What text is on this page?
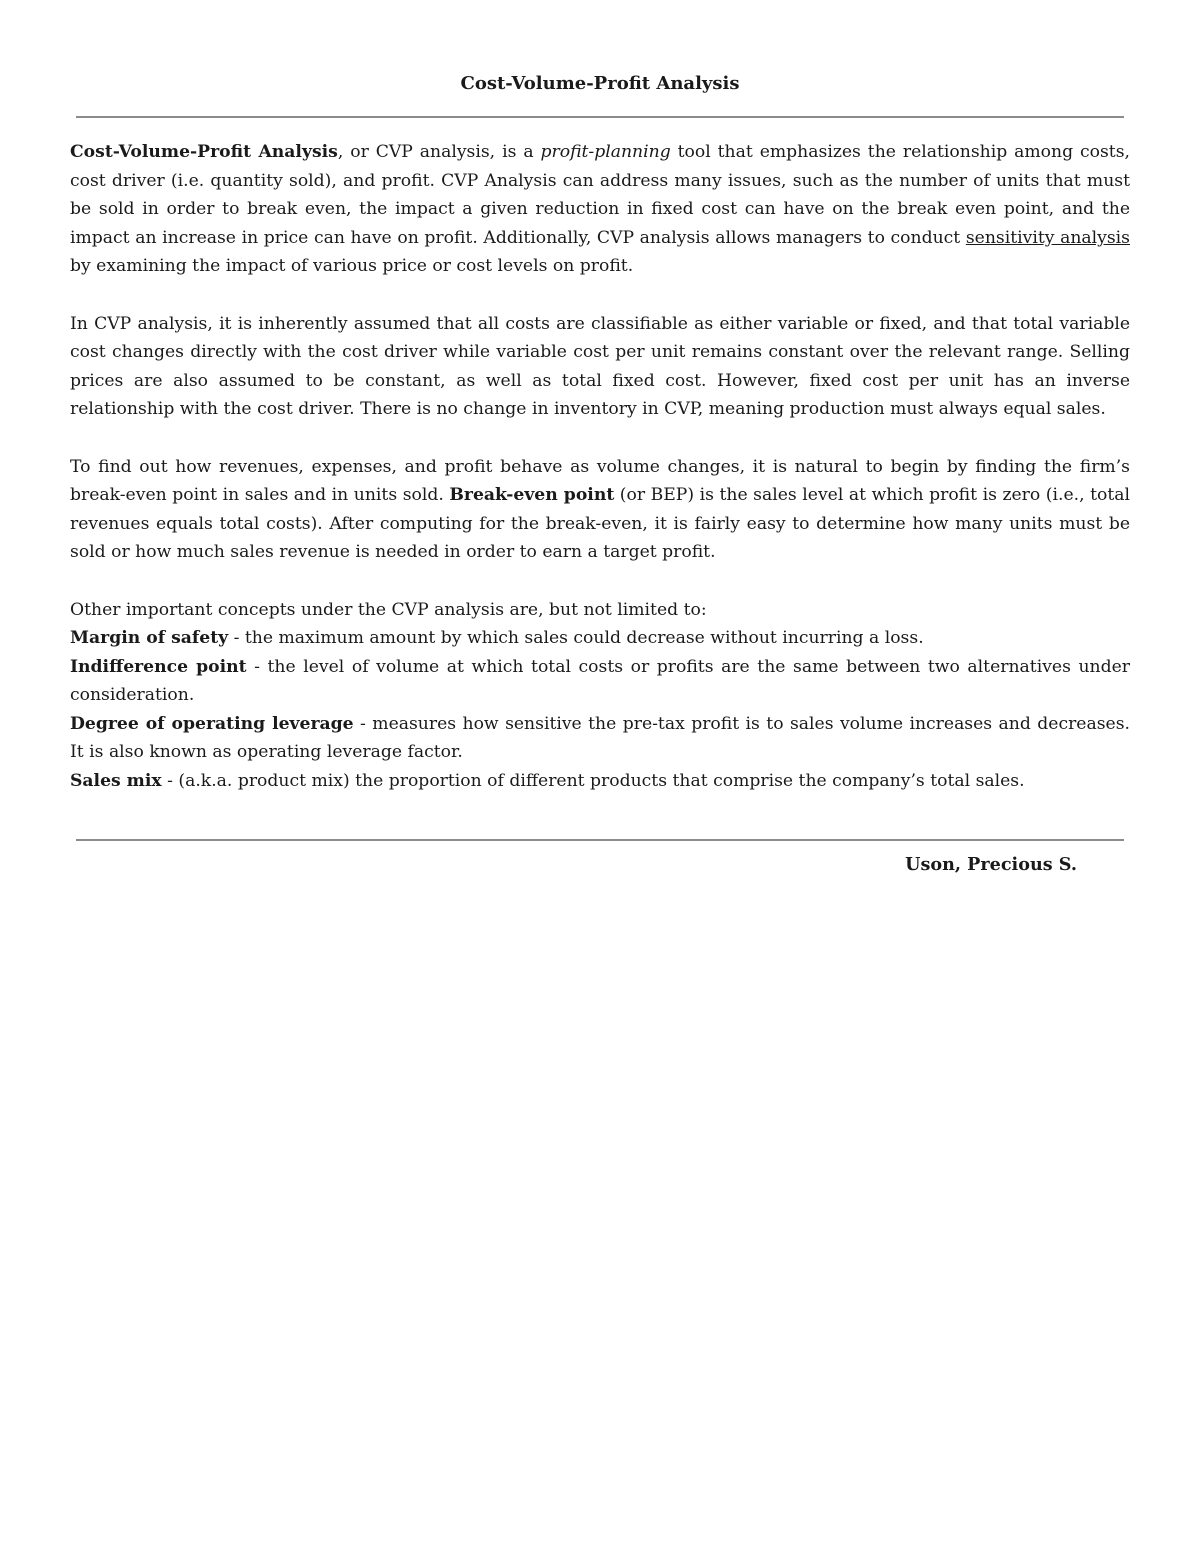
Cost-Volume-Profit Analysis

Cost-Volume-Profit Analysis, or CVP analysis, is a profit-planning tool that emphasizes the relationship among costs, cost driver (i.e. quantity sold), and profit. CVP Analysis can address many issues, such as the number of units that must be sold in order to break even, the impact a given reduction in fixed cost can have on the break even point, and the impact an increase in price can have on profit. Additionally, CVP analysis allows managers to conduct sensitivity analysis by examining the impact of various price or cost levels on profit.

In CVP analysis, it is inherently assumed that all costs are classifiable as either variable or fixed, and that total variable cost changes directly with the cost driver while variable cost per unit remains constant over the relevant range. Selling prices are also assumed to be constant, as well as total fixed cost. However, fixed cost per unit has an inverse relationship with the cost driver. There is no change in inventory in CVP, meaning production must always equal sales.

To find out how revenues, expenses, and profit behave as volume changes, it is natural to begin by finding the firm’s break-even point in sales and in units sold. Break-even point (or BEP) is the sales level at which profit is zero (i.e., total revenues equals total costs). After computing for the break-even, it is fairly easy to determine how many units must be sold or how much sales revenue is needed in order to earn a target profit.

Other important concepts under the CVP analysis are, but not limited to:

Margin of safety - the maximum amount by which sales could decrease without incurring a loss.

Indifference point - the level of volume at which total costs or profits are the same between two alternatives under consideration.

Degree of operating leverage - measures how sensitive the pre-tax profit is to sales volume increases and decreases. It is also known as operating leverage factor.

Sales mix - (a.k.a. product mix) the proportion of different products that comprise the company’s total sales.

Uson, Precious S.
